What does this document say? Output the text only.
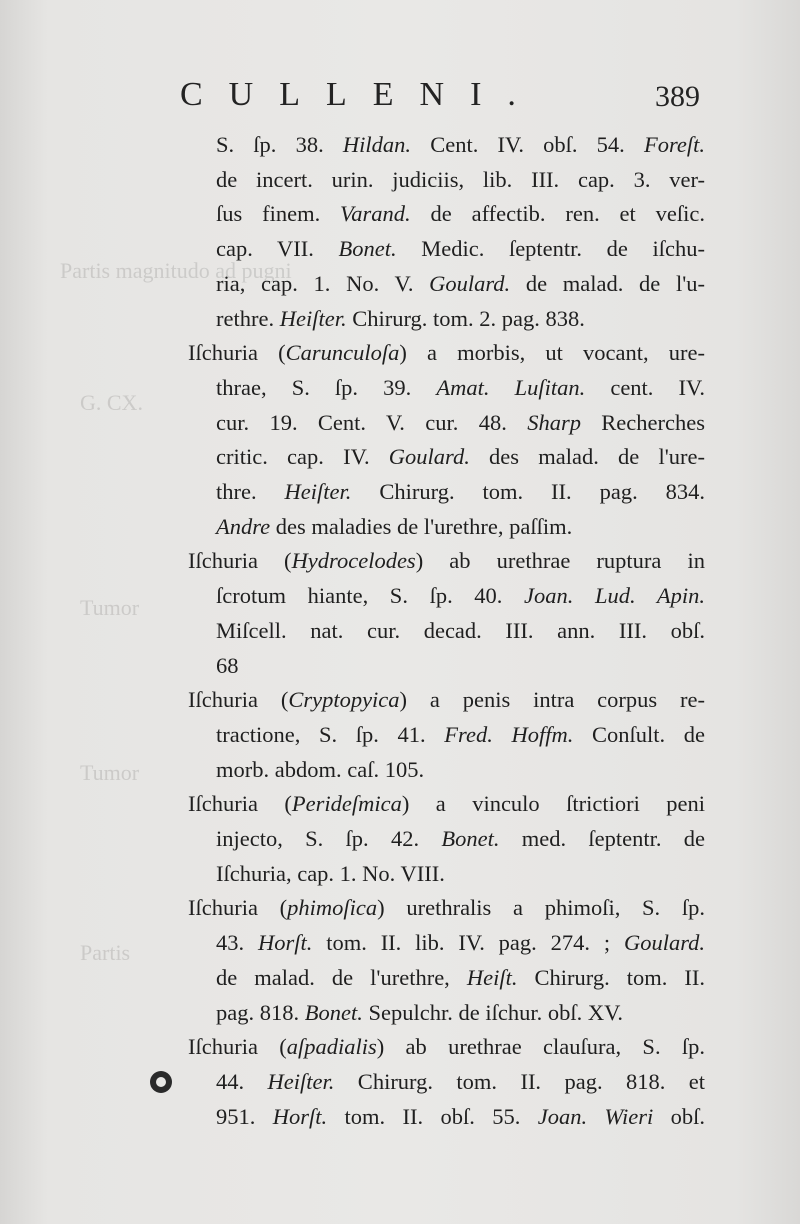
Partis magnitudo ad pugni
G. CX.
Tumor
Tumor
Partis
CULLENI.	389
S. ſp. 38. Hildan. Cent. IV. obſ. 54. Foreſt.
de incert. urin. judiciis, lib. III. cap. 3. ver-
ſus finem. Varand. de affectib. ren. et veſic.
cap. VII. Bonet. Medic. ſeptentr. de iſchu-
ria, cap. 1. No. V. Goulard. de malad. de l'u-
rethre. Heiſter. Chirurg. tom. 2. pag. 838.
Iſchuria (Carunculoſa) a morbis, ut vocant, ure-
thrae, S. ſp. 39. Amat. Luſitan. cent. IV.
cur. 19. Cent. V. cur. 48. Sharp Recherches
critic. cap. IV. Goulard. des malad. de l'ure-
thre. Heiſter. Chirurg. tom. II. pag. 834.
Andre des maladies de l'urethre, paſſim.
Iſchuria (Hydrocelodes) ab urethrae ruptura in
ſcrotum hiante, S. ſp. 40. Joan. Lud. Apin.
Miſcell. nat. cur. decad. III. ann. III. obſ.
68
Iſchuria (Cryptopyica) a penis intra corpus re-
tractione, S. ſp. 41. Fred. Hoffm. Conſult. de
morb. abdom. caſ. 105.
Iſchuria (Perideſmica) a vinculo ſtrictiori peni
injecto, S. ſp. 42. Bonet. med. ſeptentr. de
Iſchuria, cap. 1. No. VIII.
Iſchuria (phimoſica) urethralis a phimoſi, S. ſp.
43. Horſt. tom. II. lib. IV. pag. 274. ; Goulard.
de malad. de l'urethre, Heiſt. Chirurg. tom. II.
pag. 818. Bonet. Sepulchr. de iſchur. obſ. XV.
Iſchuria (aſpadialis) ab urethrae clauſura, S. ſp.
44. Heiſter. Chirurg. tom. II. pag. 818. et
951. Horſt. tom. II. obſ. 55. Joan. Wieri obſ.
